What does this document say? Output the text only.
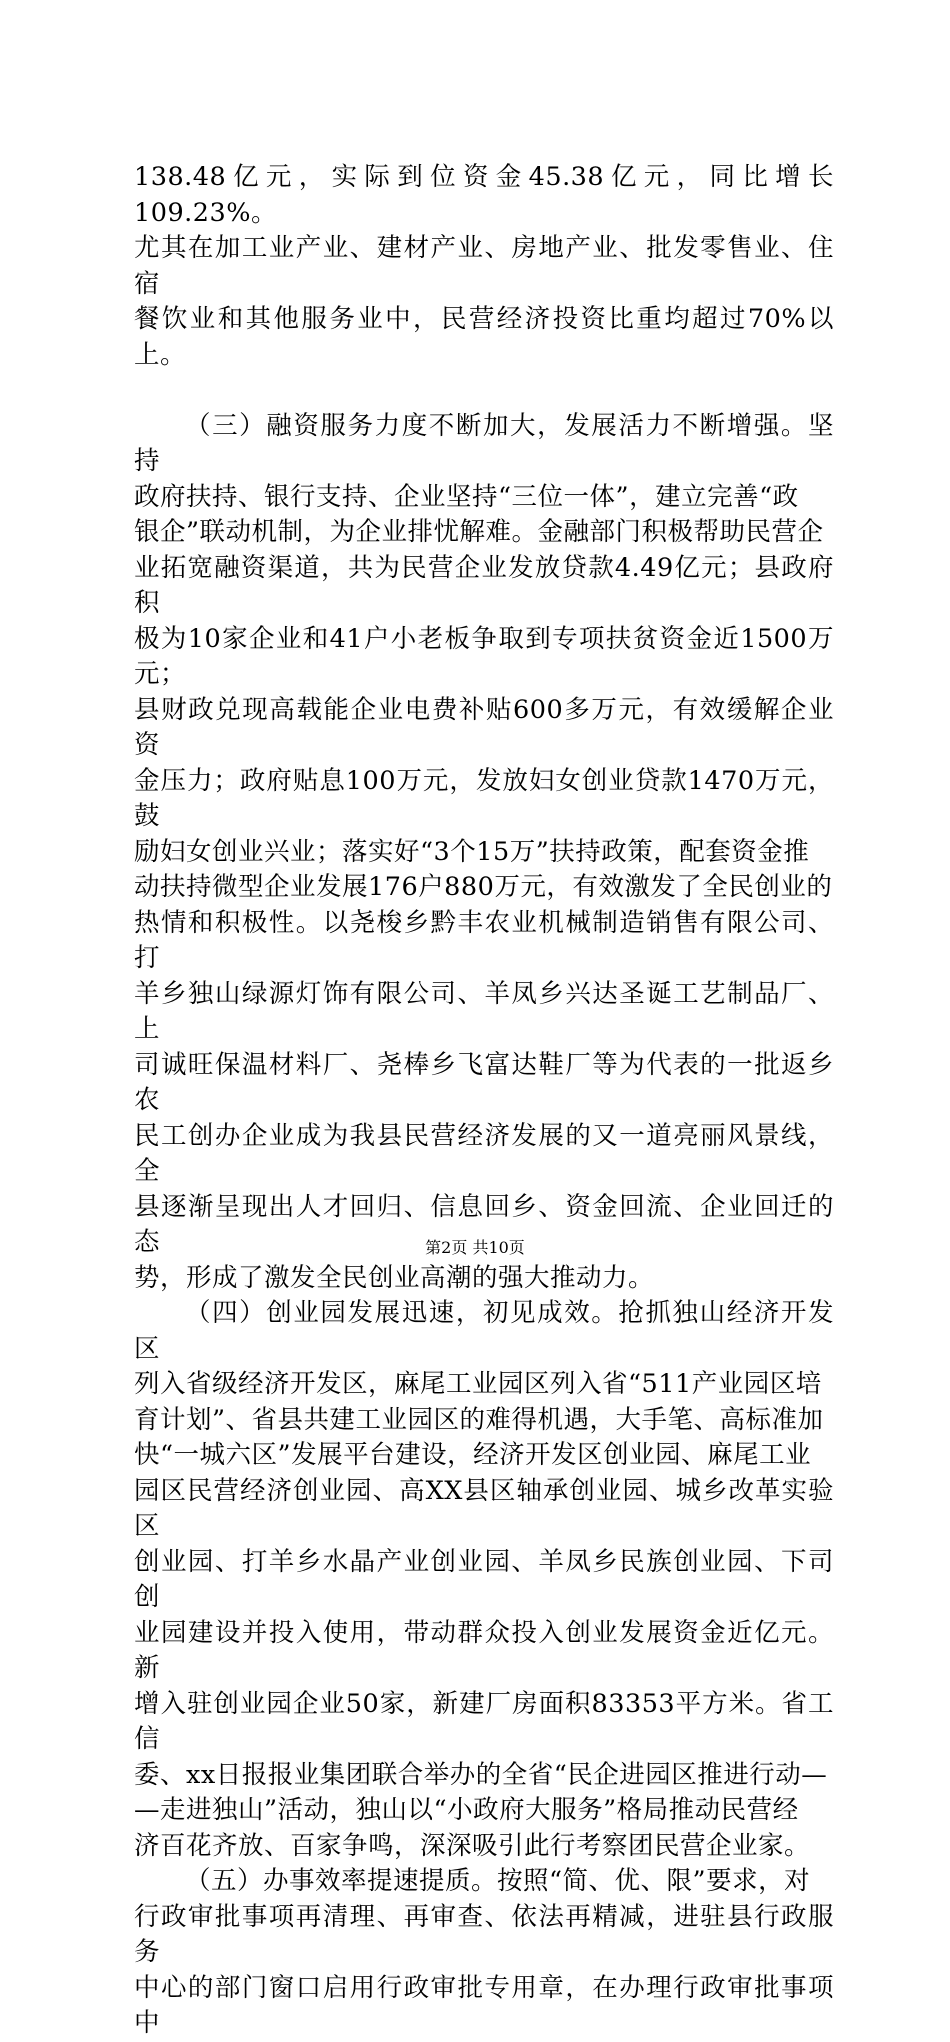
138.48亿元，实际到位资金45.38亿元，同比增长109.23%。
尤其在加工业产业、建材产业、房地产业、批发零售业、住宿
餐饮业和其他服务业中，民营经济投资比重均超过70%以上。

（三）融资服务力度不断加大，发展活力不断增强。坚持
政府扶持、银行支持、企业坚持“三位一体”，建立完善“政
银企”联动机制，为企业排忧解难。金融部门积极帮助民营企
业拓宽融资渠道，共为民营企业发放贷款4.49亿元；县政府积
极为10家企业和41户小老板争取到专项扶贫资金近1500万元；
县财政兑现高载能企业电费补贴600多万元，有效缓解企业资
金压力；政府贴息100万元，发放妇女创业贷款1470万元，鼓
励妇女创业兴业；落实好“3个15万”扶持政策，配套资金推
动扶持微型企业发展176户880万元，有效激发了全民创业的
热情和积极性。以尧梭乡黔丰农业机械制造销售有限公司、打
羊乡独山绿源灯饰有限公司、羊凤乡兴达圣诞工艺制品厂、上
司诚旺保温材料厂、尧棒乡飞富达鞋厂等为代表的一批返乡农
民工创办企业成为我县民营经济发展的又一道亮丽风景线，全
县逐渐呈现出人才回归、信息回乡、资金回流、企业回迁的态
势，形成了激发全民创业高潮的强大推动力。

（四）创业园发展迅速，初见成效。抢抓独山经济开发区
列入省级经济开发区，麻尾工业园区列入省“511产业园区培
育计划”、省县共建工业园区的难得机遇，大手笔、高标准加
快“一城六区”发展平台建设，经济开发区创业园、麻尾工业
园区民营经济创业园、高XX县区轴承创业园、城乡改革实验区
创业园、打羊乡水晶产业创业园、羊凤乡民族创业园、下司创
业园建设并投入使用，带动群众投入创业发展资金近亿元。新
增入驻创业园企业50家，新建厂房面积83353平方米。省工信
委、xx日报报业集团联合举办的全省“民企进园区推进行动—
—走进独山”活动，独山以“小政府大服务”格局推动民营经
济百花齐放、百家争鸣，深深吸引此行考察团民营企业家。

（五）办事效率提速提质。按照“简、优、限”要求，对
行政审批事项再清理、再审查、依法再精减，进驻县行政服务
中心的部门窗口启用行政审批专用章，在办理行政审批事项中

第2页 共10页
